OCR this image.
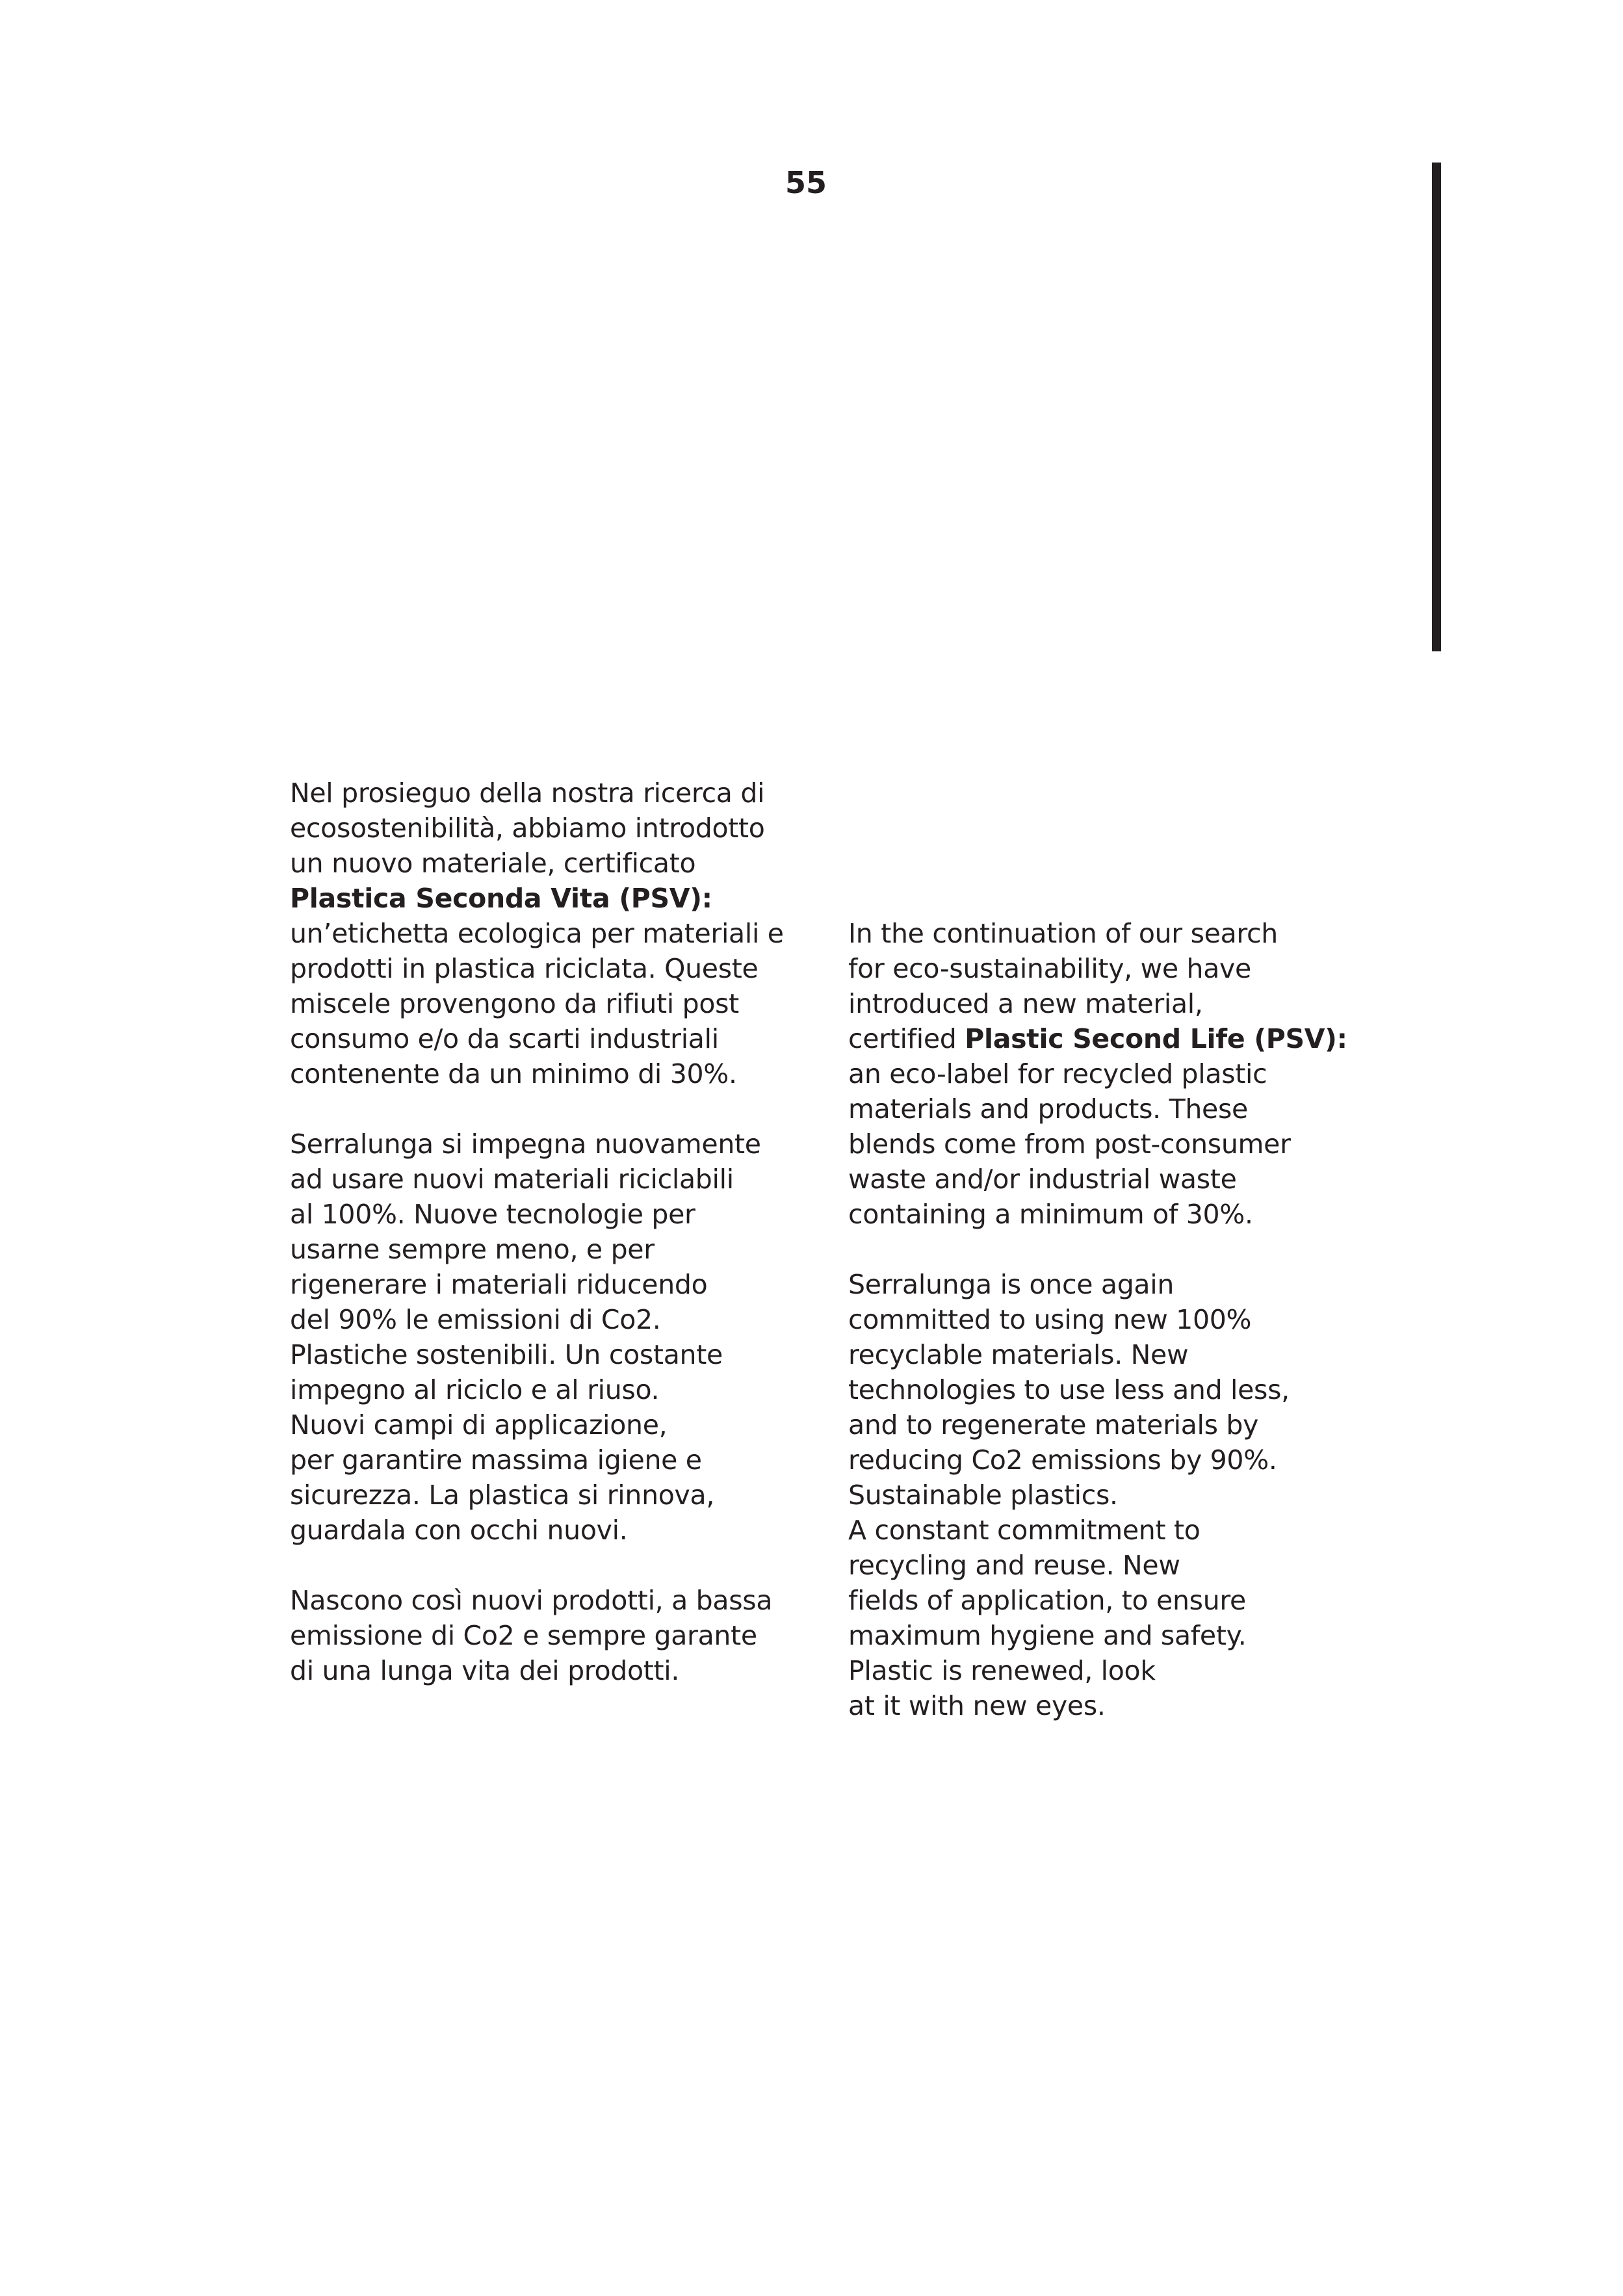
55
Nel prosieguo della nostra ricerca di
ecosostenibilità, abbiamo introdotto
un nuovo materiale, certificato
Plastica Seconda Vita (PSV):
un’etichetta ecologica per materiali e
prodotti in plastica riciclata. Queste
miscele provengono da rifiuti post
consumo e/o da scarti industriali
contenente da un minimo di 30%.
Serralunga si impegna nuovamente
ad usare nuovi materiali riciclabili
al 100%. Nuove tecnologie per
usarne sempre meno, e per
rigenerare i materiali riducendo
del 90% le emissioni di Co2.
Plastiche sostenibili. Un costante
impegno al riciclo e al riuso.
Nuovi campi di applicazione,
per garantire massima igiene e
sicurezza. La plastica si rinnova,
guardala con occhi nuovi.
Nascono così nuovi prodotti, a bassa
emissione di Co2 e sempre garante
di una lunga vita dei prodotti.
In the continuation of our search
for eco-sustainability, we have
introduced a new material,
certified Plastic Second Life (PSV):
an eco-label for recycled plastic
materials and products. These
blends come from post-consumer
waste and/or industrial waste
containing a minimum of 30%.
Serralunga is once again
committed to using new 100%
recyclable materials. New
technologies to use less and less,
and to regenerate materials by
reducing Co2 emissions by 90%.
Sustainable plastics.
A constant commitment to
recycling and reuse. New
fields of application, to ensure
maximum hygiene and safety.
Plastic is renewed, look
at it with new eyes.
